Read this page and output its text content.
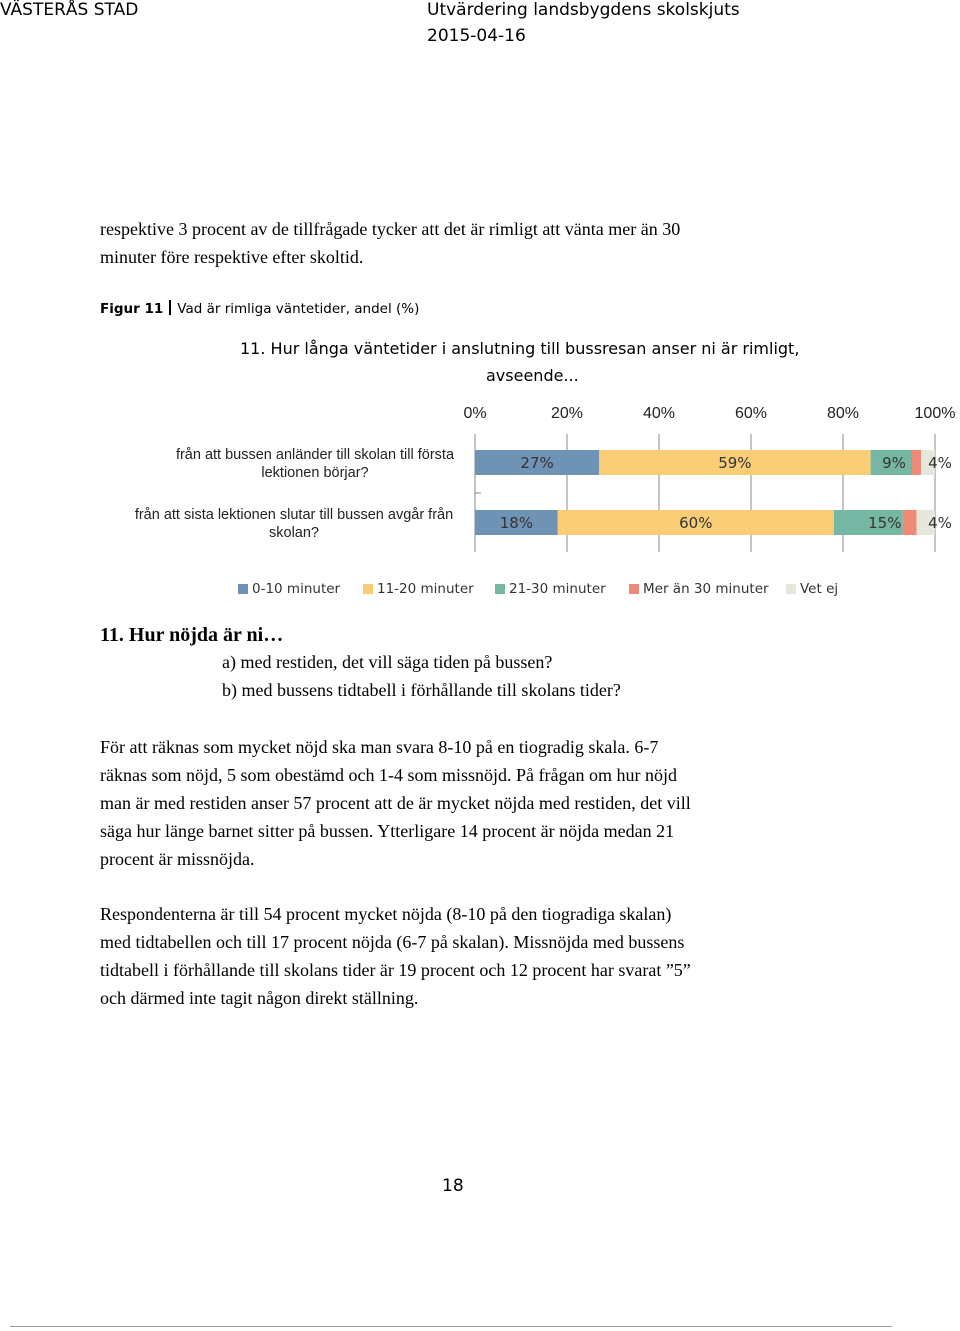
VÄSTERÅS STAD	Utvärdering landsbygdens skolskjuts
2015-04-16
respektive 3 procent av de tillfrågade tycker att det är rimligt att vänta mer än 30
minuter före respektive efter skoltid.
Figur 11 Vad är rimliga väntetider, andel (%)
11. Hur långa väntetider i anslutning till bussresan anser ni är rimligt,
avseende...
0%	20%	40%	60%	80%	100%
från att bussen anländer till skolan till första
lektionen börjar?
från att sista lektionen slutar till bussen avgår från
skolan?
27%	59%	9% 4%
18%	60%	15% 4%
0-10 minuter	11-20 minuter	21-30 minuter	Mer än 30 minuter Vet ej
11. Hur nöjda är ni…
a) med restiden, det vill säga tiden på bussen?
b) med bussens tidtabell i förhållande till skolans tider?
För att räknas som mycket nöjd ska man svara 8-10 på en tiogradig skala. 6-7
räknas som nöjd, 5 som obestämd och 1-4 som missnöjd. På frågan om hur nöjd
man är med restiden anser 57 procent att de är mycket nöjda med restiden, det vill
säga hur länge barnet sitter på bussen. Ytterligare 14 procent är nöjda medan 21
procent är missnöjda.
Respondenterna är till 54 procent mycket nöjda (8-10 på den tiogradiga skalan)
med tidtabellen och till 17 procent nöjda (6-7 på skalan). Missnöjda med bussens
tidtabell i förhållande till skolans tider är 19 procent och 12 procent har svarat ”5”
och därmed inte tagit någon direkt ställning.
18
